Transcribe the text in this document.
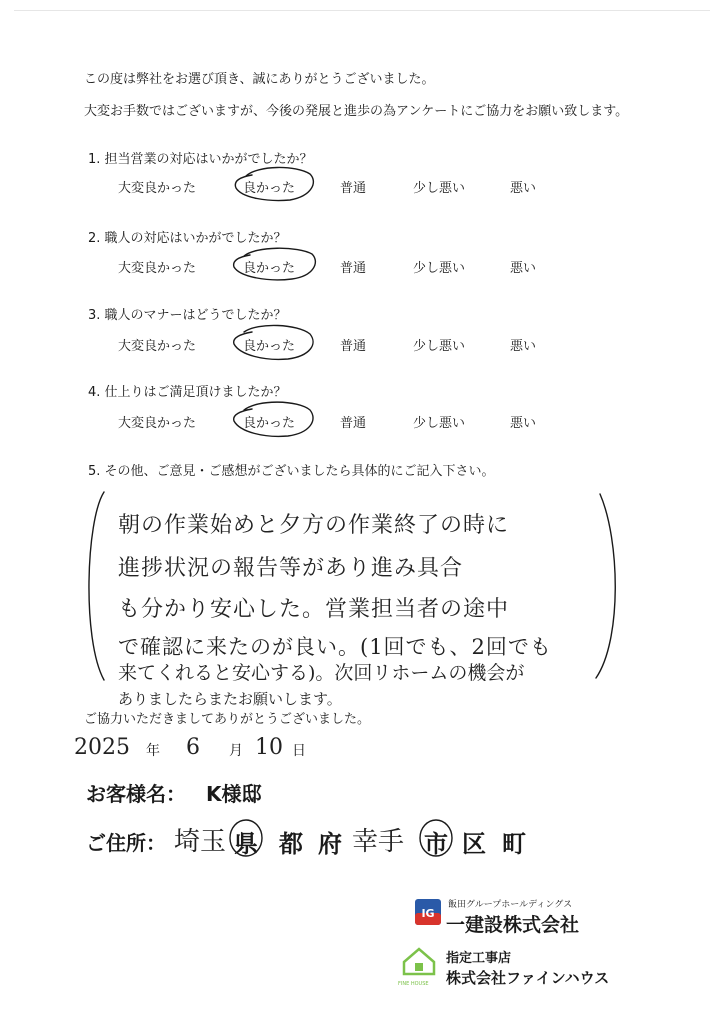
この度は弊社をお選び頂き、誠にありがとうございました。
大変お手数ではございますが、今後の発展と進歩の為アンケートにご協力をお願い致します。
1. 担当営業の対応はいかがでしたか？
大変良かった	良かった	普通	少し悪い	悪い
2. 職人の対応はいかがでしたか？
大変良かった	良かった	普通	少し悪い	悪い
3. 職人のマナーはどうでしたか？
大変良かった	良かった	普通	少し悪い	悪い
4. 仕上りはご満足頂けましたか？
大変良かった	良かった	普通	少し悪い	悪い
5. その他、ご意見・ご感想がございましたら具体的にご記入下さい。
朝の作業始めと夕方の作業終了の時に
進捗状況の報告等があり進み具合
も分かり安心した。営業担当者の途中
で確認に来たのが良い。(1回でも、2回でも
来てくれると安心する)。次回リホームの機会が
ありましたらまたお願いします。
ご協力いただきましてありがとうございました。
2025 年 6 月 10 日
お客様名： K様邸
ご住所： 埼玉 県 都 府 幸手 市 区 町
IG
飯田グループホールディングス
一建設株式会社
FINE HOUSE
指定工事店
株式会社ファインハウス
